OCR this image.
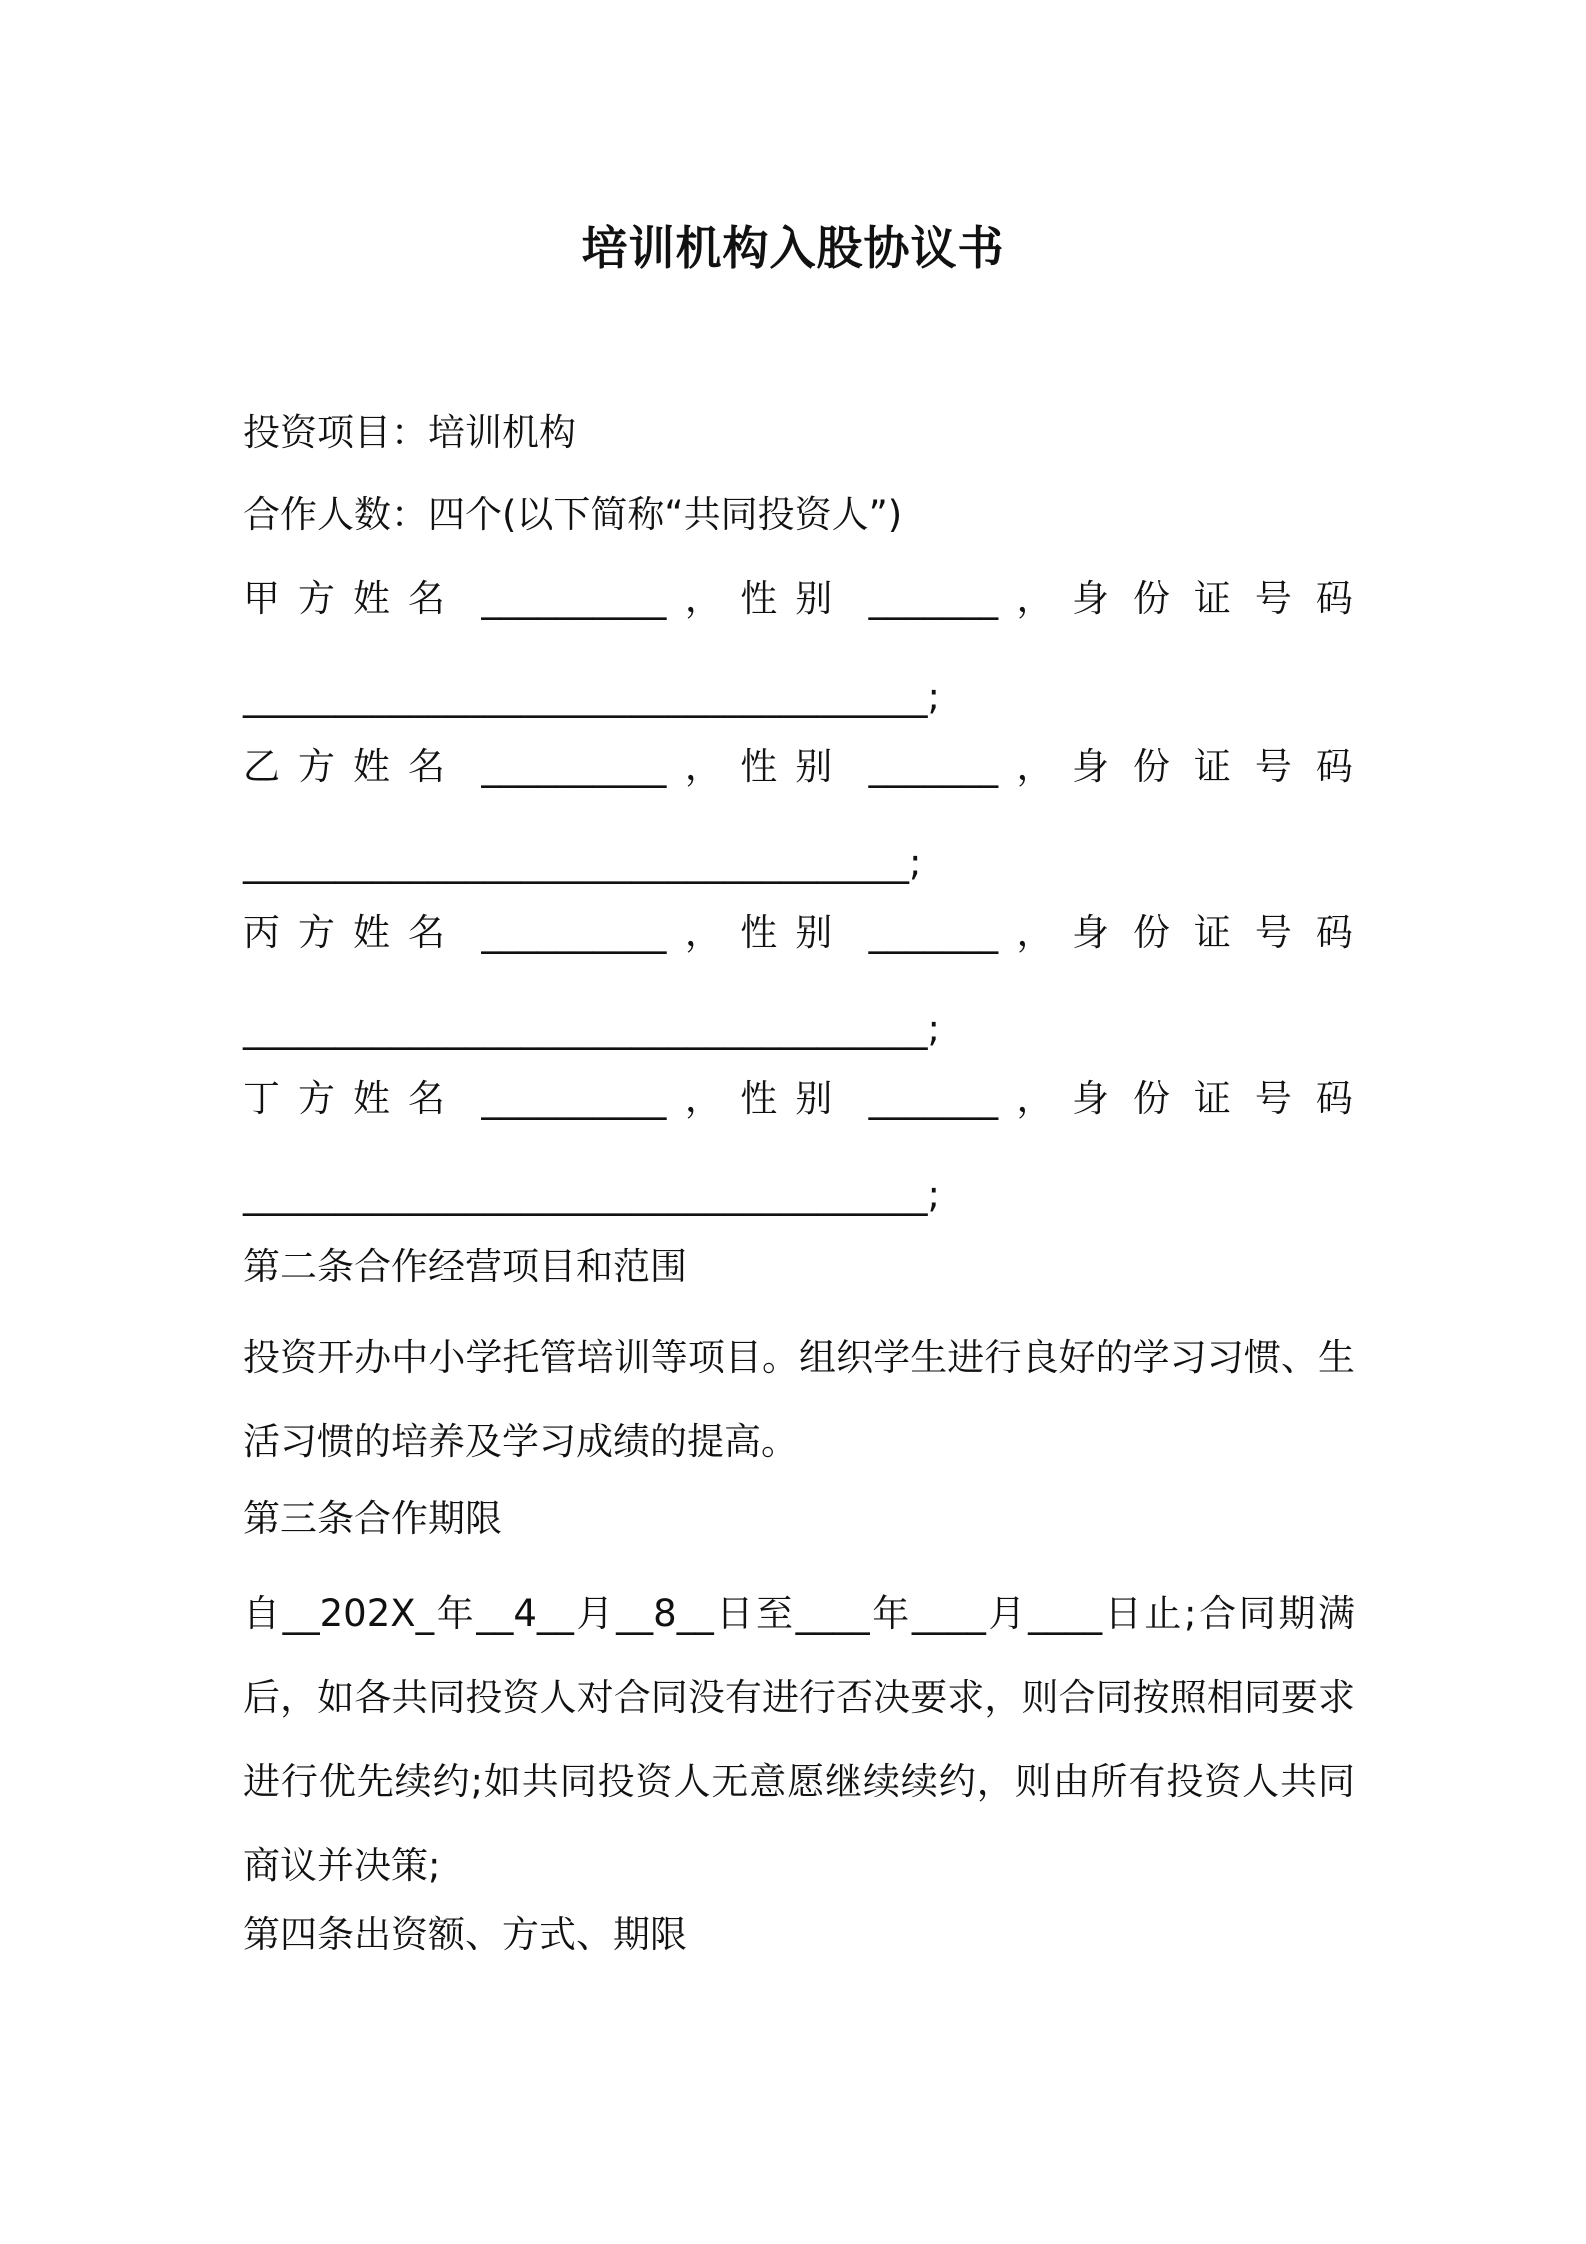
培训机构入股协议书
投资项目：培训机构
合作人数：四个(以下简称“共同投资人”)
甲方姓名 __________ ， 性别 _______ ， 身份证号码
_____________________________________;
乙方姓名 __________ ， 性别 _______ ， 身份证号码
____________________________________;
丙方姓名 __________ ， 性别 _______ ， 身份证号码
_____________________________________;
丁方姓名 __________ ， 性别 _______ ， 身份证号码
_____________________________________;
第二条合作经营项目和范围
投资开办中小学托管培训等项目。组织学生进行良好的学习习惯、生活习惯的培养及学习成绩的提高。
第三条合作期限
自__202X_年__4__月__8__日至____年____月____日止;合同期满后，如各共同投资人对合同没有进行否决要求，则合同按照相同要求进行优先续约;如共同投资人无意愿继续续约，则由所有投资人共同商议并决策;
第四条出资额、方式、期限
